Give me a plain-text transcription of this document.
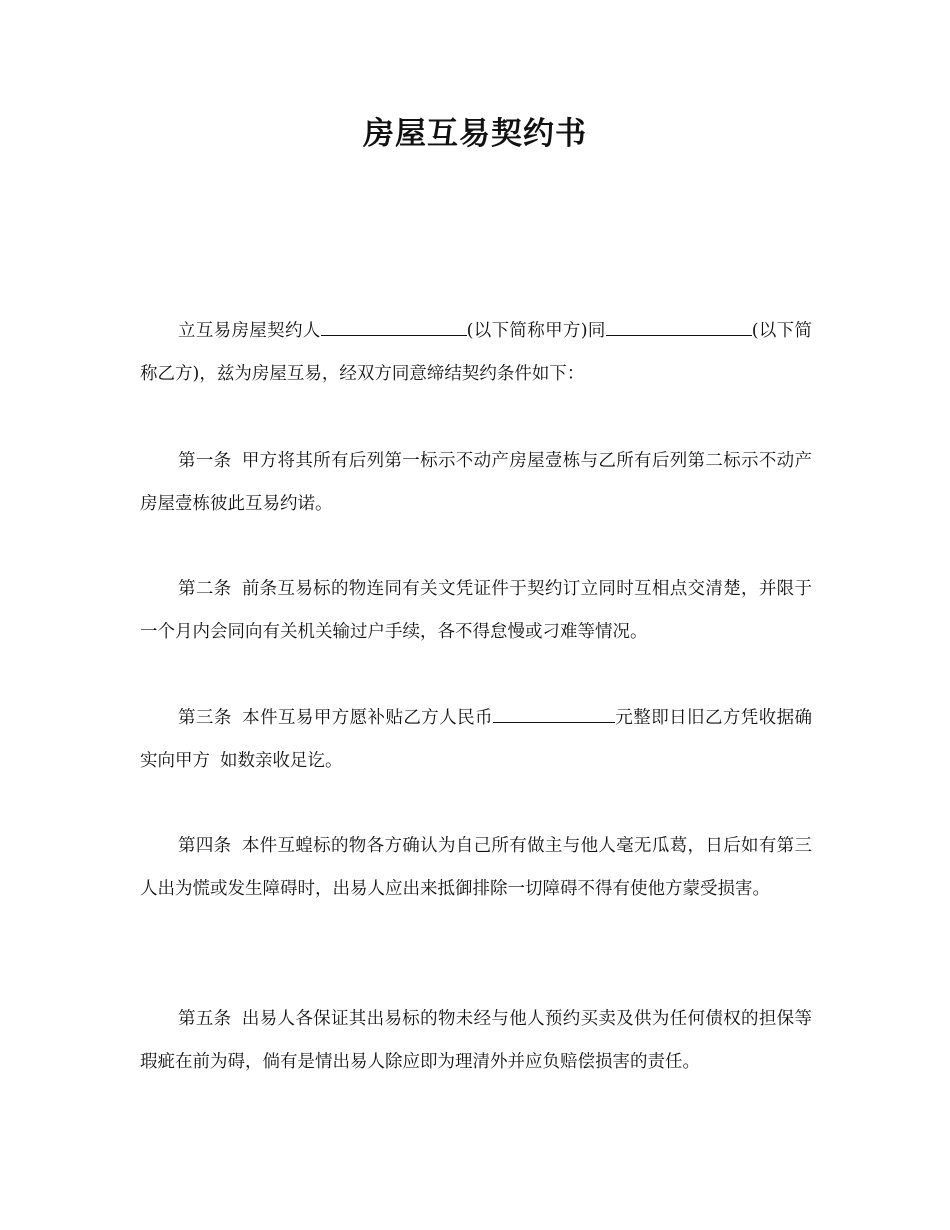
房屋互易契约书

立互易房屋契约人	(以下简称甲方)同	(以下简称乙方)，兹为房屋互易，经双方同意缔结契约条件如下：

第一条 甲方将其所有后列第一标示不动产房屋壹栋与乙所有后列第二标示不动产房屋壹栋彼此互易约诺。

第二条 前条互易标的物连同有关文凭证件于契约订立同时互相点交清楚，并限于一个月内会同向有关机关输过户手续，各不得怠慢或刁难等情况。

第三条 本件互易甲方愿补贴乙方人民币	元整即日旧乙方凭收据确实向甲方 如数亲收足讫。

第四条 本件互蝗标的物各方确认为自己所有做主与他人毫无瓜葛，日后如有第三人出为慌或发生障碍时，出易人应出来抵御排除一切障碍不得有使他方蒙受损害。

第五条 出易人各保证其出易标的物未经与他人预约买卖及供为任何债权的担保等瑕疵在前为碍，倘有是情出易人除应即为理清外并应负赔偿损害的责任。
